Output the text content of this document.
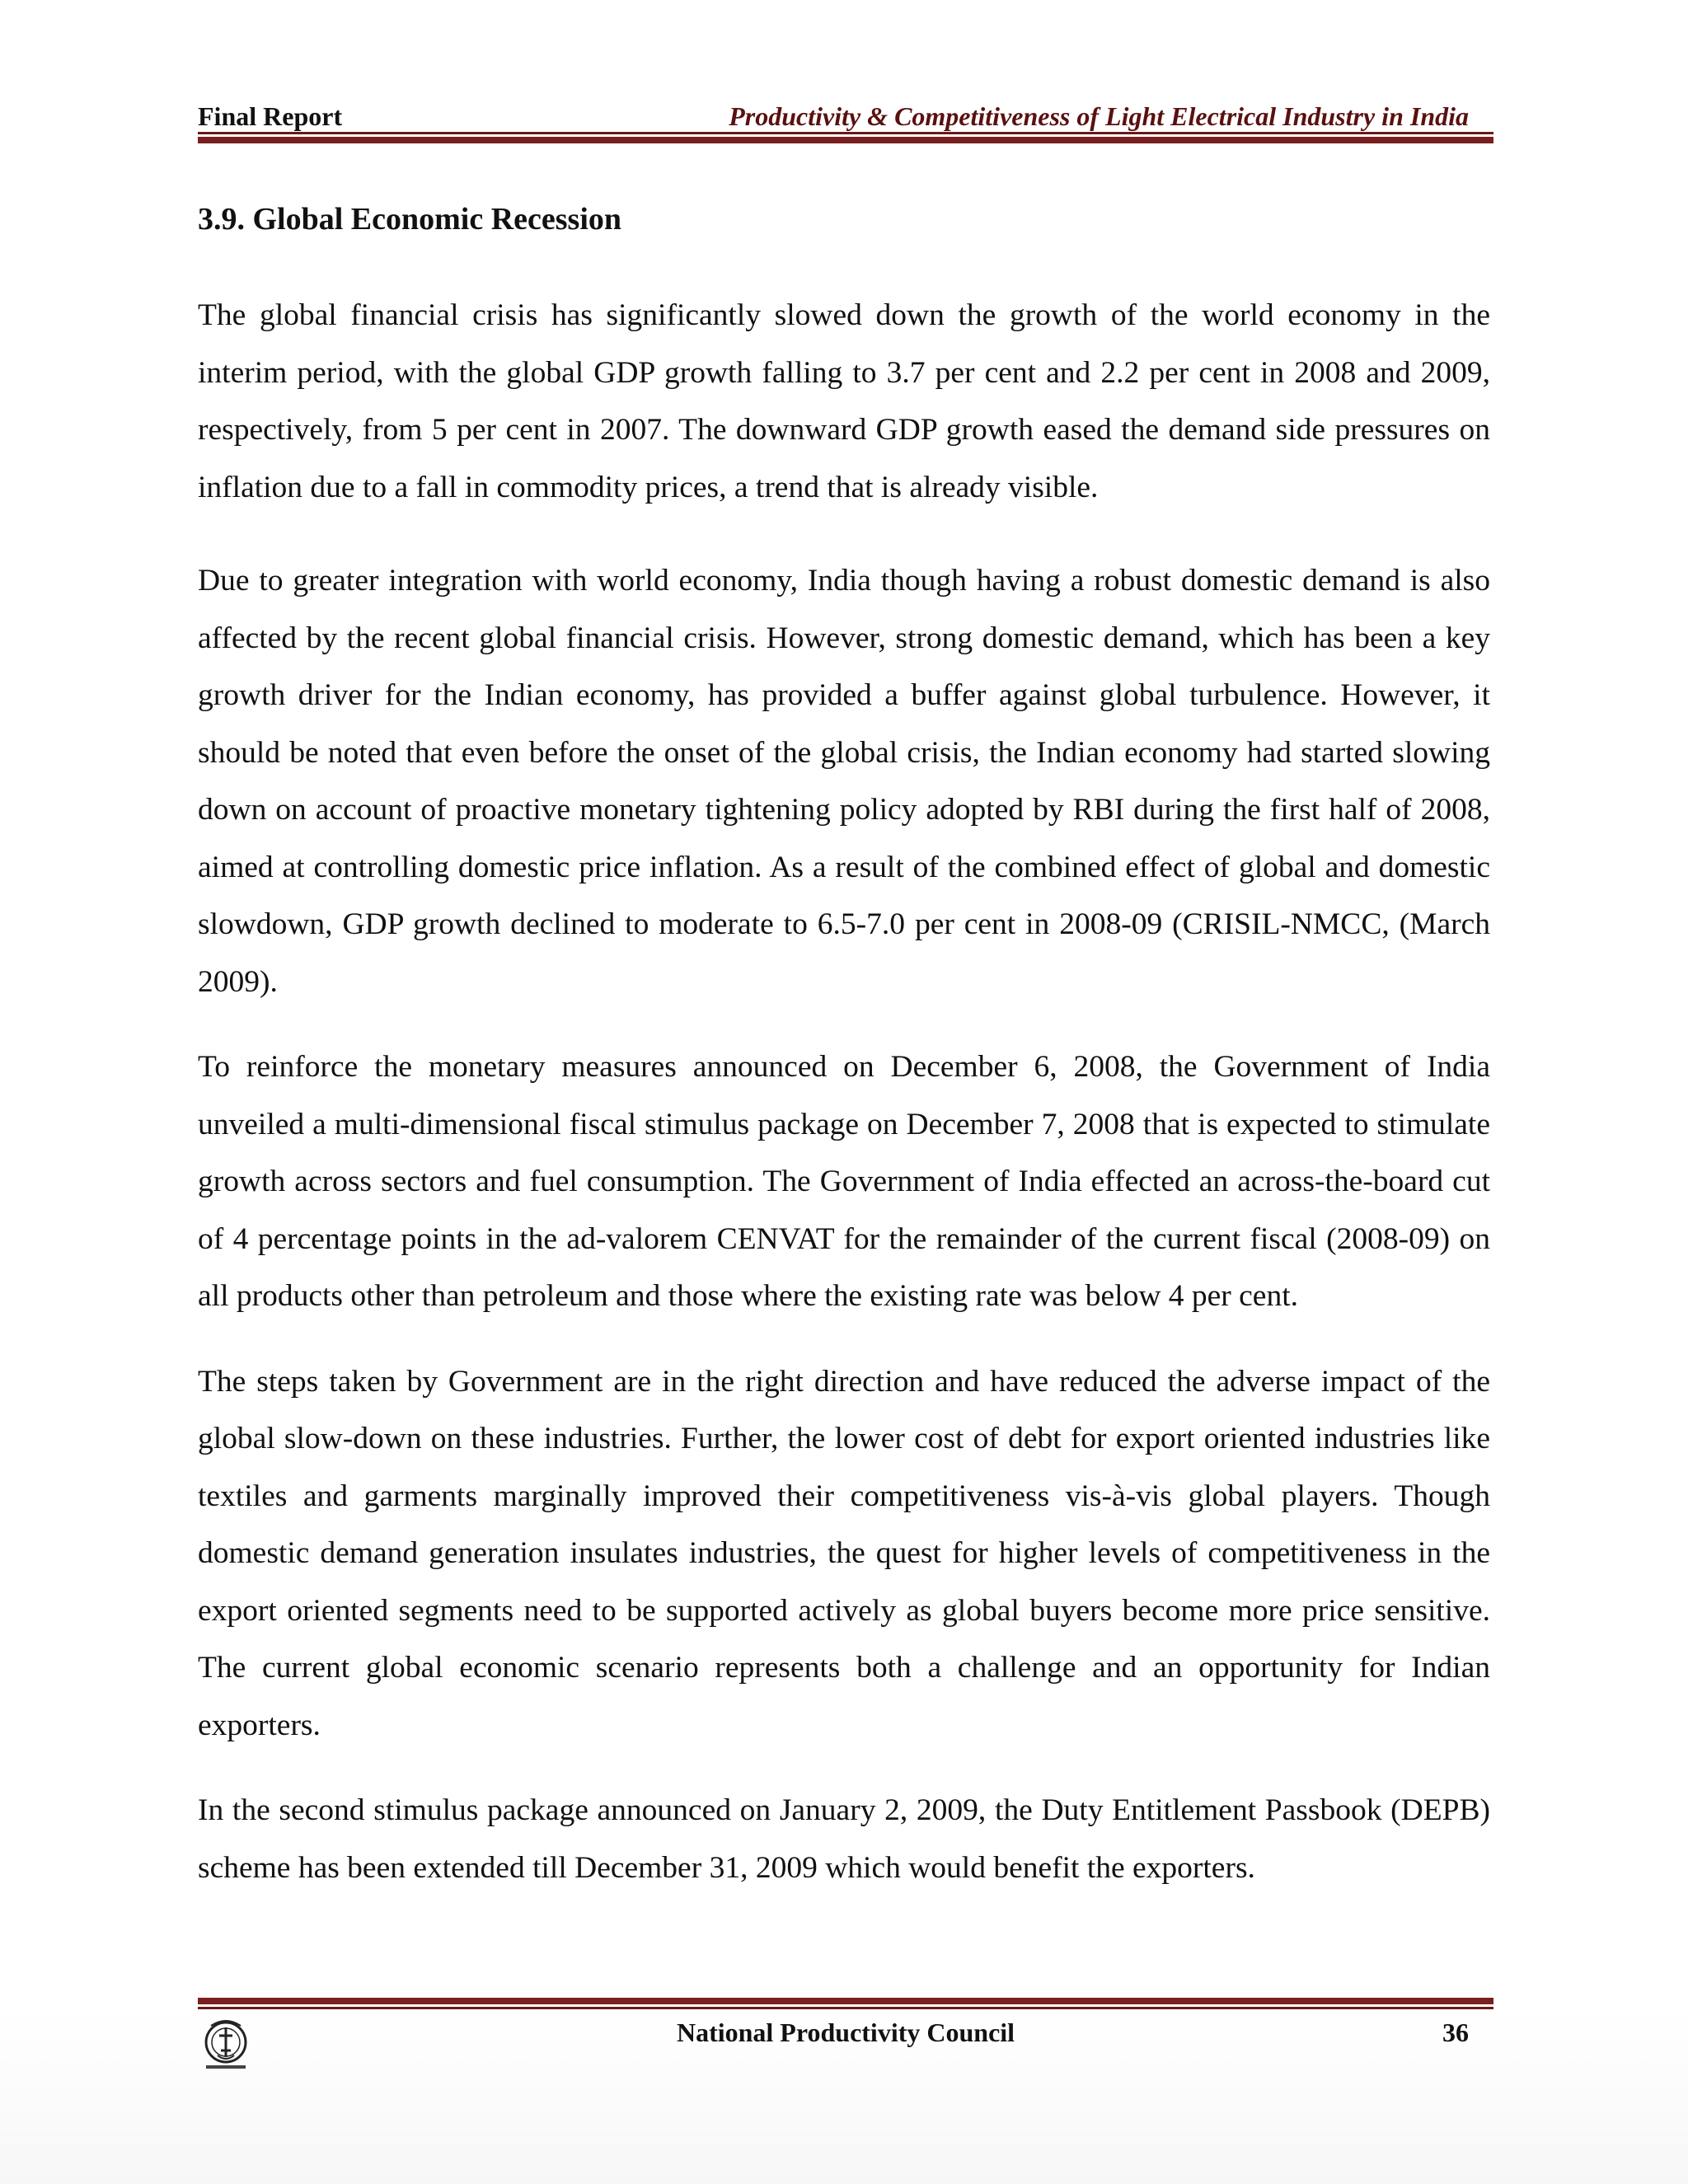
Final Report	Productivity & Competitiveness of Light Electrical Industry in India
3.9. Global Economic Recession

The global financial crisis has significantly slowed down the growth of the world economy in the interim period, with the global GDP growth falling to 3.7 per cent and 2.2 per cent in 2008 and 2009, respectively, from 5 per cent in 2007. The downward GDP growth eased the demand side pressures on inflation due to a fall in commodity prices, a trend that is already visible.

Due to greater integration with world economy, India though having a robust domestic demand is also affected by the recent global financial crisis. However, strong domestic demand, which has been a key growth driver for the Indian economy, has provided a buffer against global turbulence. However, it should be noted that even before the onset of the global crisis, the Indian economy had started slowing down on account of proactive monetary tightening policy adopted by RBI during the first half of 2008, aimed at controlling domestic price inflation. As a result of the combined effect of global and domestic slowdown, GDP growth declined to moderate to 6.5-7.0 per cent in 2008-09 (CRISIL-NMCC, (March 2009).

To reinforce the monetary measures announced on December 6, 2008, the Government of India unveiled a multi-dimensional fiscal stimulus package on December 7, 2008 that is expected to stimulate growth across sectors and fuel consumption. The Government of India effected an across-the-board cut of 4 percentage points in the ad-valorem CENVAT for the remainder of the current fiscal (2008-09) on all products other than petroleum and those where the existing rate was below 4 per cent.

The steps taken by Government are in the right direction and have reduced the adverse impact of the global slow-down on these industries. Further, the lower cost of debt for export oriented industries like textiles and garments marginally improved their competitiveness vis-à-vis global players. Though domestic demand generation insulates industries, the quest for higher levels of competitiveness in the export oriented segments need to be supported actively as global buyers become more price sensitive. The current global economic scenario represents both a challenge and an opportunity for Indian exporters.

In the second stimulus package announced on January 2, 2009, the Duty Entitlement Passbook (DEPB) scheme has been extended till December 31, 2009 which would benefit the exporters.

National Productivity Council	36
